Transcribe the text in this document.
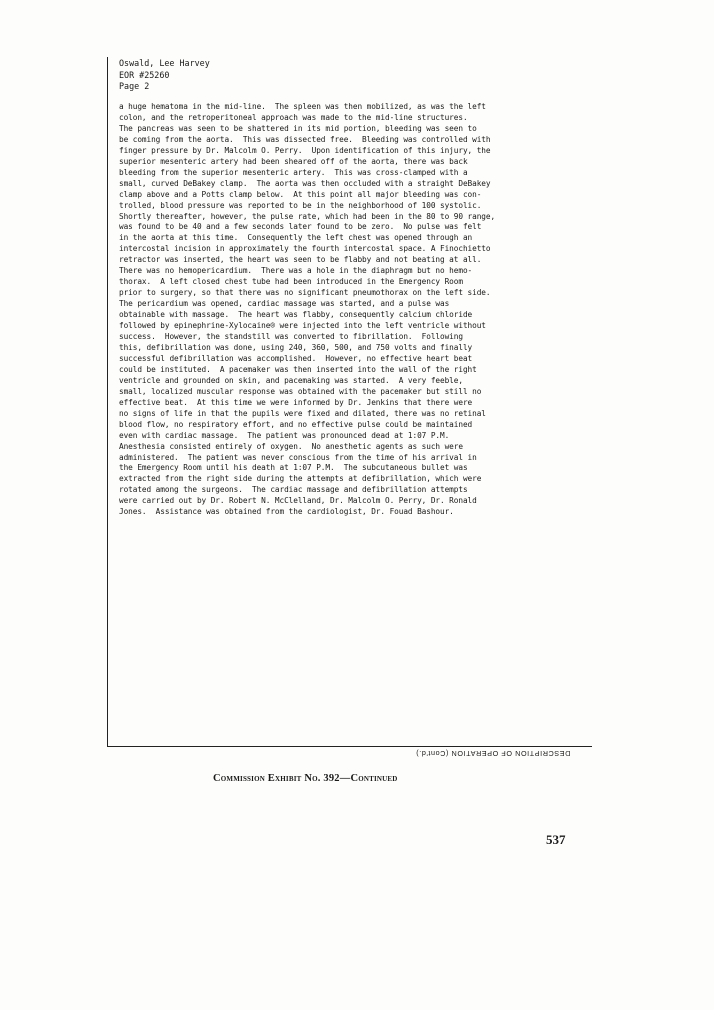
Oswald, Lee Harvey
EOR #25260
Page 2
a huge hematoma in the mid-line.  The spleen was then mobilized, as was the left
colon, and the retroperitoneal approach was made to the mid-line structures.
The pancreas was seen to be shattered in its mid portion, bleeding was seen to
be coming from the aorta.  This was dissected free.  Bleeding was controlled with
finger pressure by Dr. Malcolm O. Perry.  Upon identification of this injury, the
superior mesenteric artery had been sheared off of the aorta, there was back
bleeding from the superior mesenteric artery.  This was cross-clamped with a
small, curved DeBakey clamp.  The aorta was then occluded with a straight DeBakey
clamp above and a Potts clamp below.  At this point all major bleeding was con-
trolled, blood pressure was reported to be in the neighborhood of 100 systolic.
Shortly thereafter, however, the pulse rate, which had been in the 80 to 90 range,
was found to be 40 and a few seconds later found to be zero.  No pulse was felt
in the aorta at this time.  Consequently the left chest was opened through an
intercostal incision in approximately the fourth intercostal space. A Finochietto
retractor was inserted, the heart was seen to be flabby and not beating at all.
There was no hemopericardium.  There was a hole in the diaphragm but no hemo-
thorax.  A left closed chest tube had been introduced in the Emergency Room
prior to surgery, so that there was no significant pneumothorax on the left side.
The pericardium was opened, cardiac massage was started, and a pulse was
obtainable with massage.  The heart was flabby, consequently calcium chloride
followed by epinephrine-Xylocaine® were injected into the left ventricle without
success.  However, the standstill was converted to fibrillation.  Following
this, defibrillation was done, using 240, 360, 500, and 750 volts and finally
successful defibrillation was accomplished.  However, no effective heart beat
could be instituted.  A pacemaker was then inserted into the wall of the right
ventricle and grounded on skin, and pacemaking was started.  A very feeble,
small, localized muscular response was obtained with the pacemaker but still no
effective beat.  At this time we were informed by Dr. Jenkins that there were
no signs of life in that the pupils were fixed and dilated, there was no retinal
blood flow, no respiratory effort, and no effective pulse could be maintained
even with cardiac massage.  The patient was pronounced dead at 1:07 P.M.
Anesthesia consisted entirely of oxygen.  No anesthetic agents as such were
administered.  The patient was never conscious from the time of his arrival in
the Emergency Room until his death at 1:07 P.M.  The subcutaneous bullet was
extracted from the right side during the attempts at defibrillation, which were
rotated among the surgeons.  The cardiac massage and defibrillation attempts
were carried out by Dr. Robert N. McClelland, Dr. Malcolm O. Perry, Dr. Ronald
Jones.  Assistance was obtained from the cardiologist, Dr. Fouad Bashour.
DESCRIPTION OF OPERATION (Cont'd.)
Commission Exhibit No. 392—Continued
537
